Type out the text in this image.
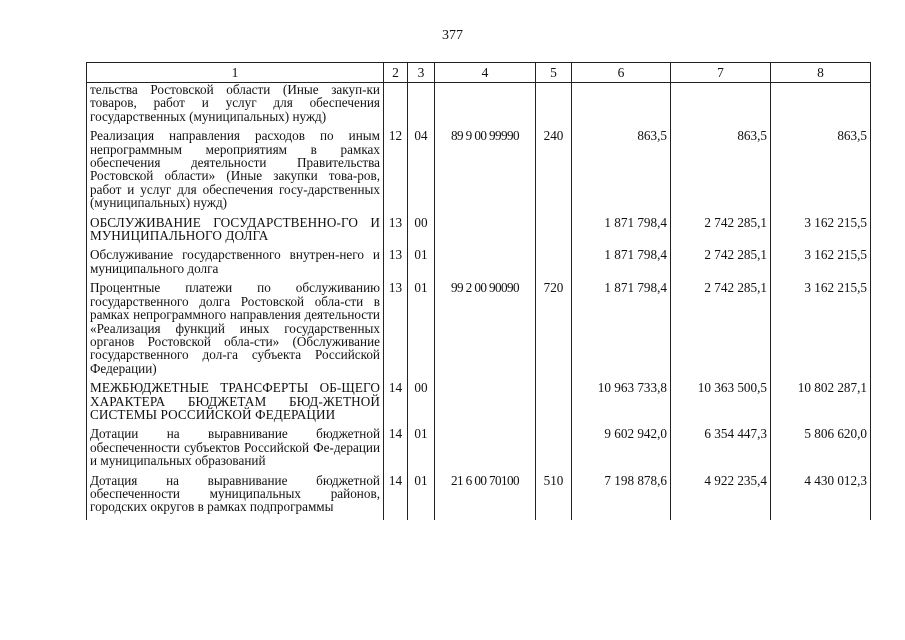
377
1	2	3	4	5	6	7	8
тельства Ростовской области (Иные закуп-ки товаров, работ и услуг для обеспечения государственных (муниципальных) нужд)							
Реализация направления расходов по иным непрограммным мероприятиям в рамках обеспечения деятельности Правительства Ростовской области» (Иные закупки това-ров, работ и услуг для обеспечения госу-дарственных (муниципальных) нужд)	12	04	89 9 00 99990	240	863,5	863,5	863,5
ОБСЛУЖИВАНИЕ ГОСУДАРСТВЕННО-ГО И МУНИЦИПАЛЬНОГО ДОЛГА	13	00			1 871 798,4	2 742 285,1	3 162 215,5
Обслуживание государственного внутрен-него и муниципального долга	13	01			1 871 798,4	2 742 285,1	3 162 215,5
Процентные платежи по обслуживанию государственного долга Ростовской обла-сти в рамках непрограммного направления деятельности «Реализация функций иных государственных органов Ростовской обла-сти» (Обслуживание государственного дол-га субъекта Российской Федерации)	13	01	99 2 00 90090	720	1 871 798,4	2 742 285,1	3 162 215,5
МЕЖБЮДЖЕТНЫЕ ТРАНСФЕРТЫ ОБ-ЩЕГО ХАРАКТЕРА БЮДЖЕТАМ БЮД-ЖЕТНОЙ СИСТЕМЫ РОССИЙСКОЙ ФЕДЕРАЦИИ	14	00			10 963 733,8	10 363 500,5	10 802 287,1
Дотации на выравнивание бюджетной обеспеченности субъектов Российской Фе-дерации и муниципальных образований	14	01			9 602 942,0	6 354 447,3	5 806 620,0
Дотация на выравнивание бюджетной обеспеченности муниципальных районов, городских округов в рамках подпрограммы	14	01	21 6 00 70100	510	7 198 878,6	4 922 235,4	4 430 012,3
